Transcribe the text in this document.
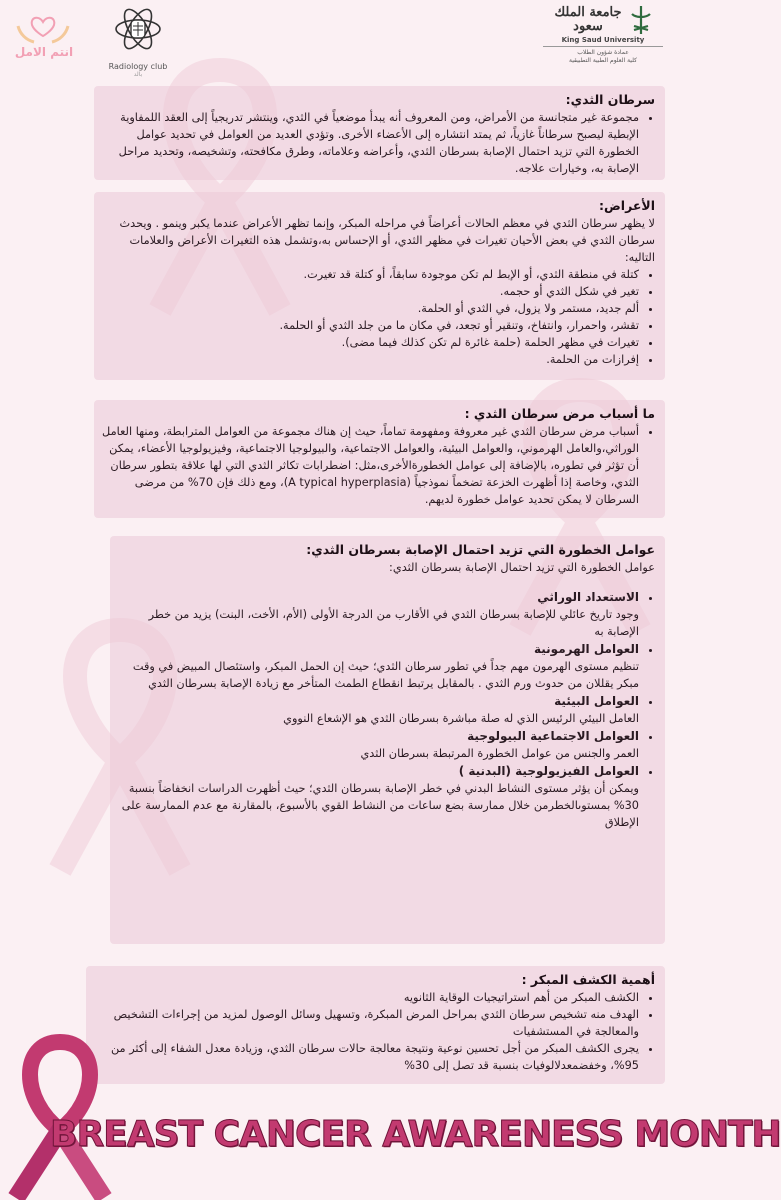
انتم الامل
Radiology club
بالد
جامعة الملك سعود
King Saud University
عمادة شؤون الطلاب
كلية العلوم الطبية التطبيقية
سرطان الثدي:
• مجموعة غير متجانسة من الأمراض، ومن المعروف أنه يبدأ موضعياً في الثدي، وينتشر تدريجياً إلى العقد اللمفاوية الإبطية ليصبح سرطاناً غازياً، ثم يمتد انتشاره إلى الأعضاء الأخرى. وتؤدي العديد من العوامل في تحديد عوامل الخطورة التي تزيد احتمال الإصابة بسرطان الثدي، وأعراضه وعلاماته، وطرق مكافحته، وتشخيصه، وتحديد مراحل الإصابة به، وخيارات علاجه.
الأعراض:

لا يظهر سرطان الثدي في معظم الحالات أعراضاً في مراحله المبكر، وإنما تظهر الأعراض عندما يكبر وينمو . ويحدث سرطان الثدي في بعض الأحيان تغيرات في مظهر الثدي، أو الإحساس به،وتشمل هذه التغيرات الأعراض والعلامات التاليه:

• كتلة في منطقة الثدي، أو الإبط لم تكن موجودة سابقاً، أو كتلة قد تغيرت.
• تغير في شكل الثدي أو حجمه.
• ألم جديد، مستمر ولا يزول، في الثدي أو الحلمة.
• تقشر، واحمرار، وانتفاخ، وتنقير أو تجعد، في مكان ما من جلد الثدي أو الحلمة.
• تغيرات في مظهر الحلمة (حلمة غائرة لم تكن كذلك فيما مضى).
• إفرازات من الحلمة.
ما أسباب مرض سرطان الثدي :
• أسباب مرض سرطان الثدي غير معروفة ومفهومة تماماً، حيث إن هناك مجموعة من العوامل المترابطة، ومنها العامل الوراثي،والعامل الهرموني، والعوامل البيئية، والعوامل الاجتماعية، والبيولوجيا الاجتماعية، وفيزيولوجيا الأعضاء، يمكن أن تؤثر في تطوره، بالإضافة إلى عوامل الخطورةالأخرى،مثل: اضطرابات تكاثر الثدي التي لها علاقة بتطور سرطان الثدي، وخاصة إذا أظهرت الخزعة تضخماً نموذجياً (A typical hyperplasia)، ومع ذلك فإن 70% من مرضى السرطان لا يمكن تحديد عوامل خطورة لديهم.
عوامل الخطورة التي تزيد احتمال الإصابة بسرطان الثدي:

عوامل الخطورة التي تزيد احتمال الإصابة بسرطان الثدي:

• الاستعداد الوراثي
وجود تاريخ عائلي للإصابة بسرطان الثدي في الأقارب من الدرجة الأولى (الأم، الأخت، البنت) يزيد من خطر الإصابة به
• العوامل الهرمونية
تنظيم مستوى الهرمون مهم جداً في تطور سرطان الثدي؛ حيث إن الحمل المبكر، واستئصال المبيض في وقت مبكر يقللان من حدوث ورم الثدي . بالمقابل يرتبط انقطاع الطمث المتأخر مع زيادة الإصابة بسرطان الثدي
• العوامل البيئية
العامل البيئي الرئيس الذي له صلة مباشرة بسرطان الثدي هو الإشعاع النووي
• العوامل الاجتماعية البيولوجية
العمر والجنس من عوامل الخطورة المرتبطة بسرطان الثدي
• العوامل الفيزيولوجية (البدنية )
ويمكن أن يؤثر مستوى النشاط البدني في خطر الإصابة بسرطان الثدي؛ حيث أظهرت الدراسات انخفاضاً بنسبة 30% بمستوىالخطرمن خلال ممارسة بضع ساعات من النشاط القوي بالأسبوع، بالمقارنة مع عدم الممارسة على الإطلاق
أهمية الكشف المبكر :
• الكشف المبكر من أهم استراتيجيات الوقاية الثانويه
• الهدف منه تشخيص سرطان الثدي بمراحل المرض المبكرة، وتسهيل وسائل الوصول لمزيد من إجراءات التشخيص والمعالجة في المستشفيات
• يجرى الكشف المبكر من أجل تحسين نوعية ونتيجة معالجة حالات سرطان الثدي، وزيادة معدل الشفاء إلى أكثر من 95%، وخفضمعدلالوفيات بنسبة قد تصل إلى 30%
BREAST CANCER AWARENESS MONTH
